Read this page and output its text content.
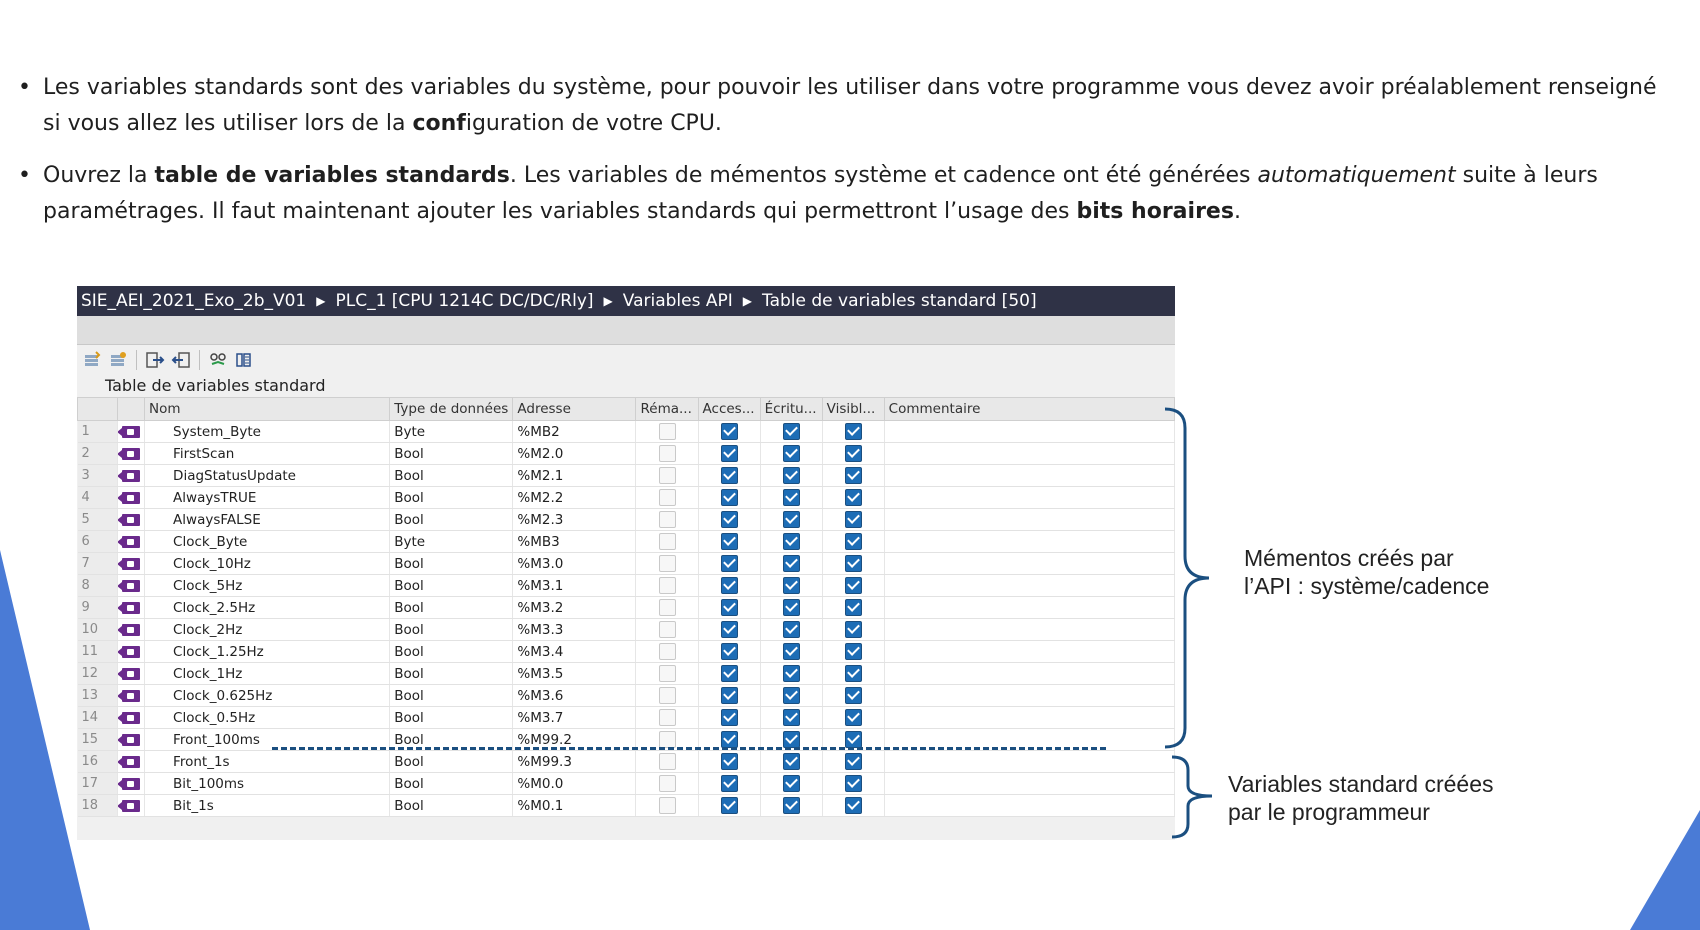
• Les variables standards sont des variables du système, pour pouvoir les utiliser dans votre programme vous devez avoir préalablement renseigné si vous allez les utiliser lors de la configuration de votre CPU.
• Ouvrez la table de variables standards. Les variables de mémentos système et cadence ont été générées automatiquement suite à leurs paramétrages. Il faut maintenant ajouter les variables standards qui permettront l’usage des bits horaires.
SIE_AEI_2021_Exo_2b_V01 ▶ PLC_1 [CPU 1214C DC/DC/Rly] ▶ Variables API ▶ Table de variables standard [50]
Table de variables standard
		Nom	Type de données	Adresse	Réma...	Acces...	Écritu...	Visibl...	Commentaire
1		System_Byte	Byte	%MB2					
2		FirstScan	Bool	%M2.0					
3		DiagStatusUpdate	Bool	%M2.1					
4		AlwaysTRUE	Bool	%M2.2					
5		AlwaysFALSE	Bool	%M2.3					
6		Clock_Byte	Byte	%MB3					
7		Clock_10Hz	Bool	%M3.0					
8		Clock_5Hz	Bool	%M3.1					
9		Clock_2.5Hz	Bool	%M3.2					
10		Clock_2Hz	Bool	%M3.3					
11		Clock_1.25Hz	Bool	%M3.4					
12		Clock_1Hz	Bool	%M3.5					
13		Clock_0.625Hz	Bool	%M3.6					
14		Clock_0.5Hz	Bool	%M3.7					
15		Front_100ms	Bool	%M99.2					
16		Front_1s	Bool	%M99.3					
17		Bit_100ms	Bool	%M0.0					
18		Bit_1s	Bool	%M0.1					
Mémentos créés par
l’API : système/cadence
Variables standard créées
par le programmeur
